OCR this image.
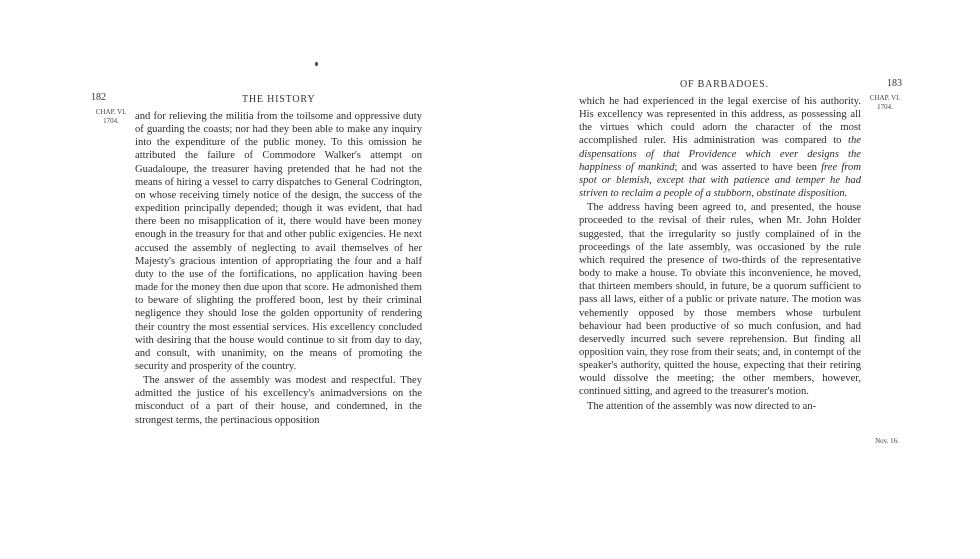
182	THE HISTORY
CHAP. VI.
1704.	and for relieving the militia from the toilsome and oppressive duty of guarding the coasts; nor had they been able to make any inquiry into the expenditure of the public money. To this omission he attributed the failure of Commodore Walker's attempt on Guadaloupe, the treasurer having pretended that he had not the means of hiring a vessel to carry dispatches to General Codrington, on whose receiving timely notice of the design, the success of the expedition principally depended; though it was evident, that had there been no misapplication of it, there would have been money enough in the treasury for that and other public exigencies. He next accused the assembly of neglecting to avail themselves of her Majesty's gracious intention of appropriating the four and a half duty to the use of the fortifications, no application having been made for the money then due upon that score. He admonished them to beware of slighting the proffered boon, lest by their criminal negligence they should lose the golden opportunity of rendering their country the most essential services. His excellency concluded with desiring that the house would continue to sit from day to day, and consult, with unanimity, on the means of promoting the security and prosperity of the country.

The answer of the assembly was modest and respectful. They admitted the justice of his excellency's animadversions on the misconduct of a part of their house, and condemned, in the strongest terms, the pertinacious opposition

OF BARBADOES.	183
CHAP. VI.
1704.

which he had experienced in the legal exercise of his authority. His excellency was represented in this address, as possessing all the virtues which could adorn the character of the most accomplished ruler. His administration was compared to the dispensations of that Providence which ever designs the happiness of mankind; and was asserted to have been free from spot or blemish, except that with patience and temper he had striven to reclaim a people of a stubborn, obstinate disposition.

The address having been agreed to, and presented, the house proceeded to the revisal of their rules, when Mr. John Holder suggested, that the irregularity so justly complained of in the proceedings of the late assembly, was occasioned by the rule which required the presence of two-thirds of the representative body to make a house. To obviate this inconvenience, he moved, that thirteen members should, in future, be a quorum sufficient to pass all laws, either of a public or private nature. The motion was vehemently opposed by those members whose turbulent behaviour had been productive of so much confusion, and had deservedly incurred such severe reprehension. But finding all opposition vain, they rose from their seats; and, in contempt of the speaker's authority, quitted the house, expecting that their retiring would dissolve the meeting; the other members, however, continued sitting, and agreed to the treasurer's motion.

The attention of the assembly was now directed to an-

Nov. 16.
